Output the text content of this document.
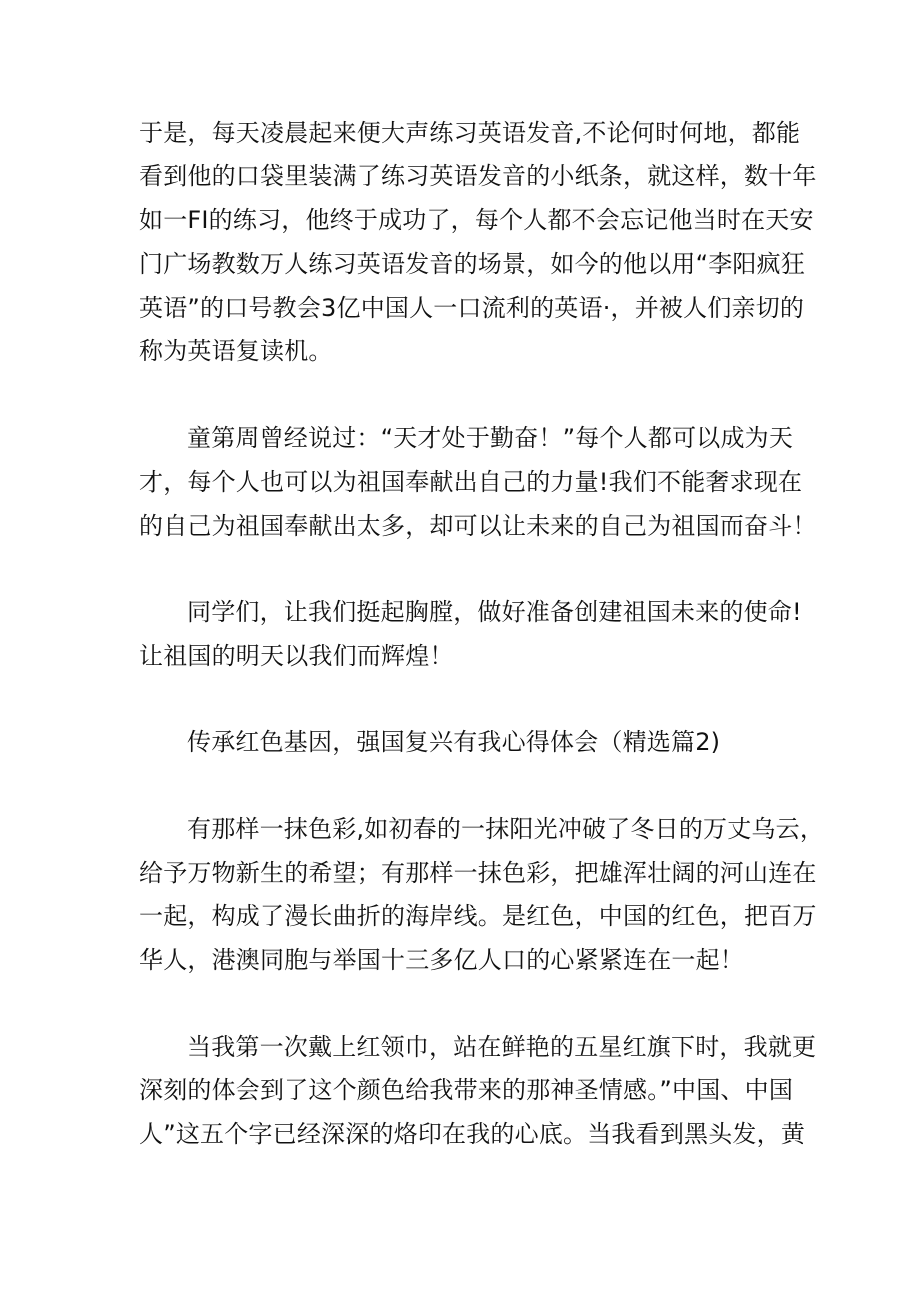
于是，每天凌晨起来便大声练习英语发音,不论何时何地，都能
看到他的口袋里装满了练习英语发音的小纸条，就这样，数十年
如一FI的练习，他终于成功了，每个人都不会忘记他当时在天安
门广场教数万人练习英语发音的场景，如今的他以用“李阳疯狂
英语”的口号教会3亿中国人一口流利的英语·，并被人们亲切的
称为英语复读机。
童第周曾经说过：“天才处于勤奋！”每个人都可以成为天
才，每个人也可以为祖国奉献出自己的力量!我们不能奢求现在
的自己为祖国奉献出太多，却可以让未来的自己为祖国而奋斗！
同学们，让我们挺起胸膛，做好准备创建祖国未来的使命!
让祖国的明天以我们而辉煌！
传承红色基因，强国复兴有我心得体会（精选篇2)
有那样一抹色彩,如初春的一抹阳光冲破了冬日的万丈乌云，
给予万物新生的希望；有那样一抹色彩，把雄浑壮阔的河山连在
一起，构成了漫长曲折的海岸线。是红色，中国的红色，把百万
华人，港澳同胞与举国十三多亿人口的心紧紧连在一起！
当我第一次戴上红领巾，站在鲜艳的五星红旗下时，我就更
深刻的体会到了这个颜色给我带来的那神圣情感。”中国、中国
人”这五个字已经深深的烙印在我的心底。当我看到黑头发，黄
